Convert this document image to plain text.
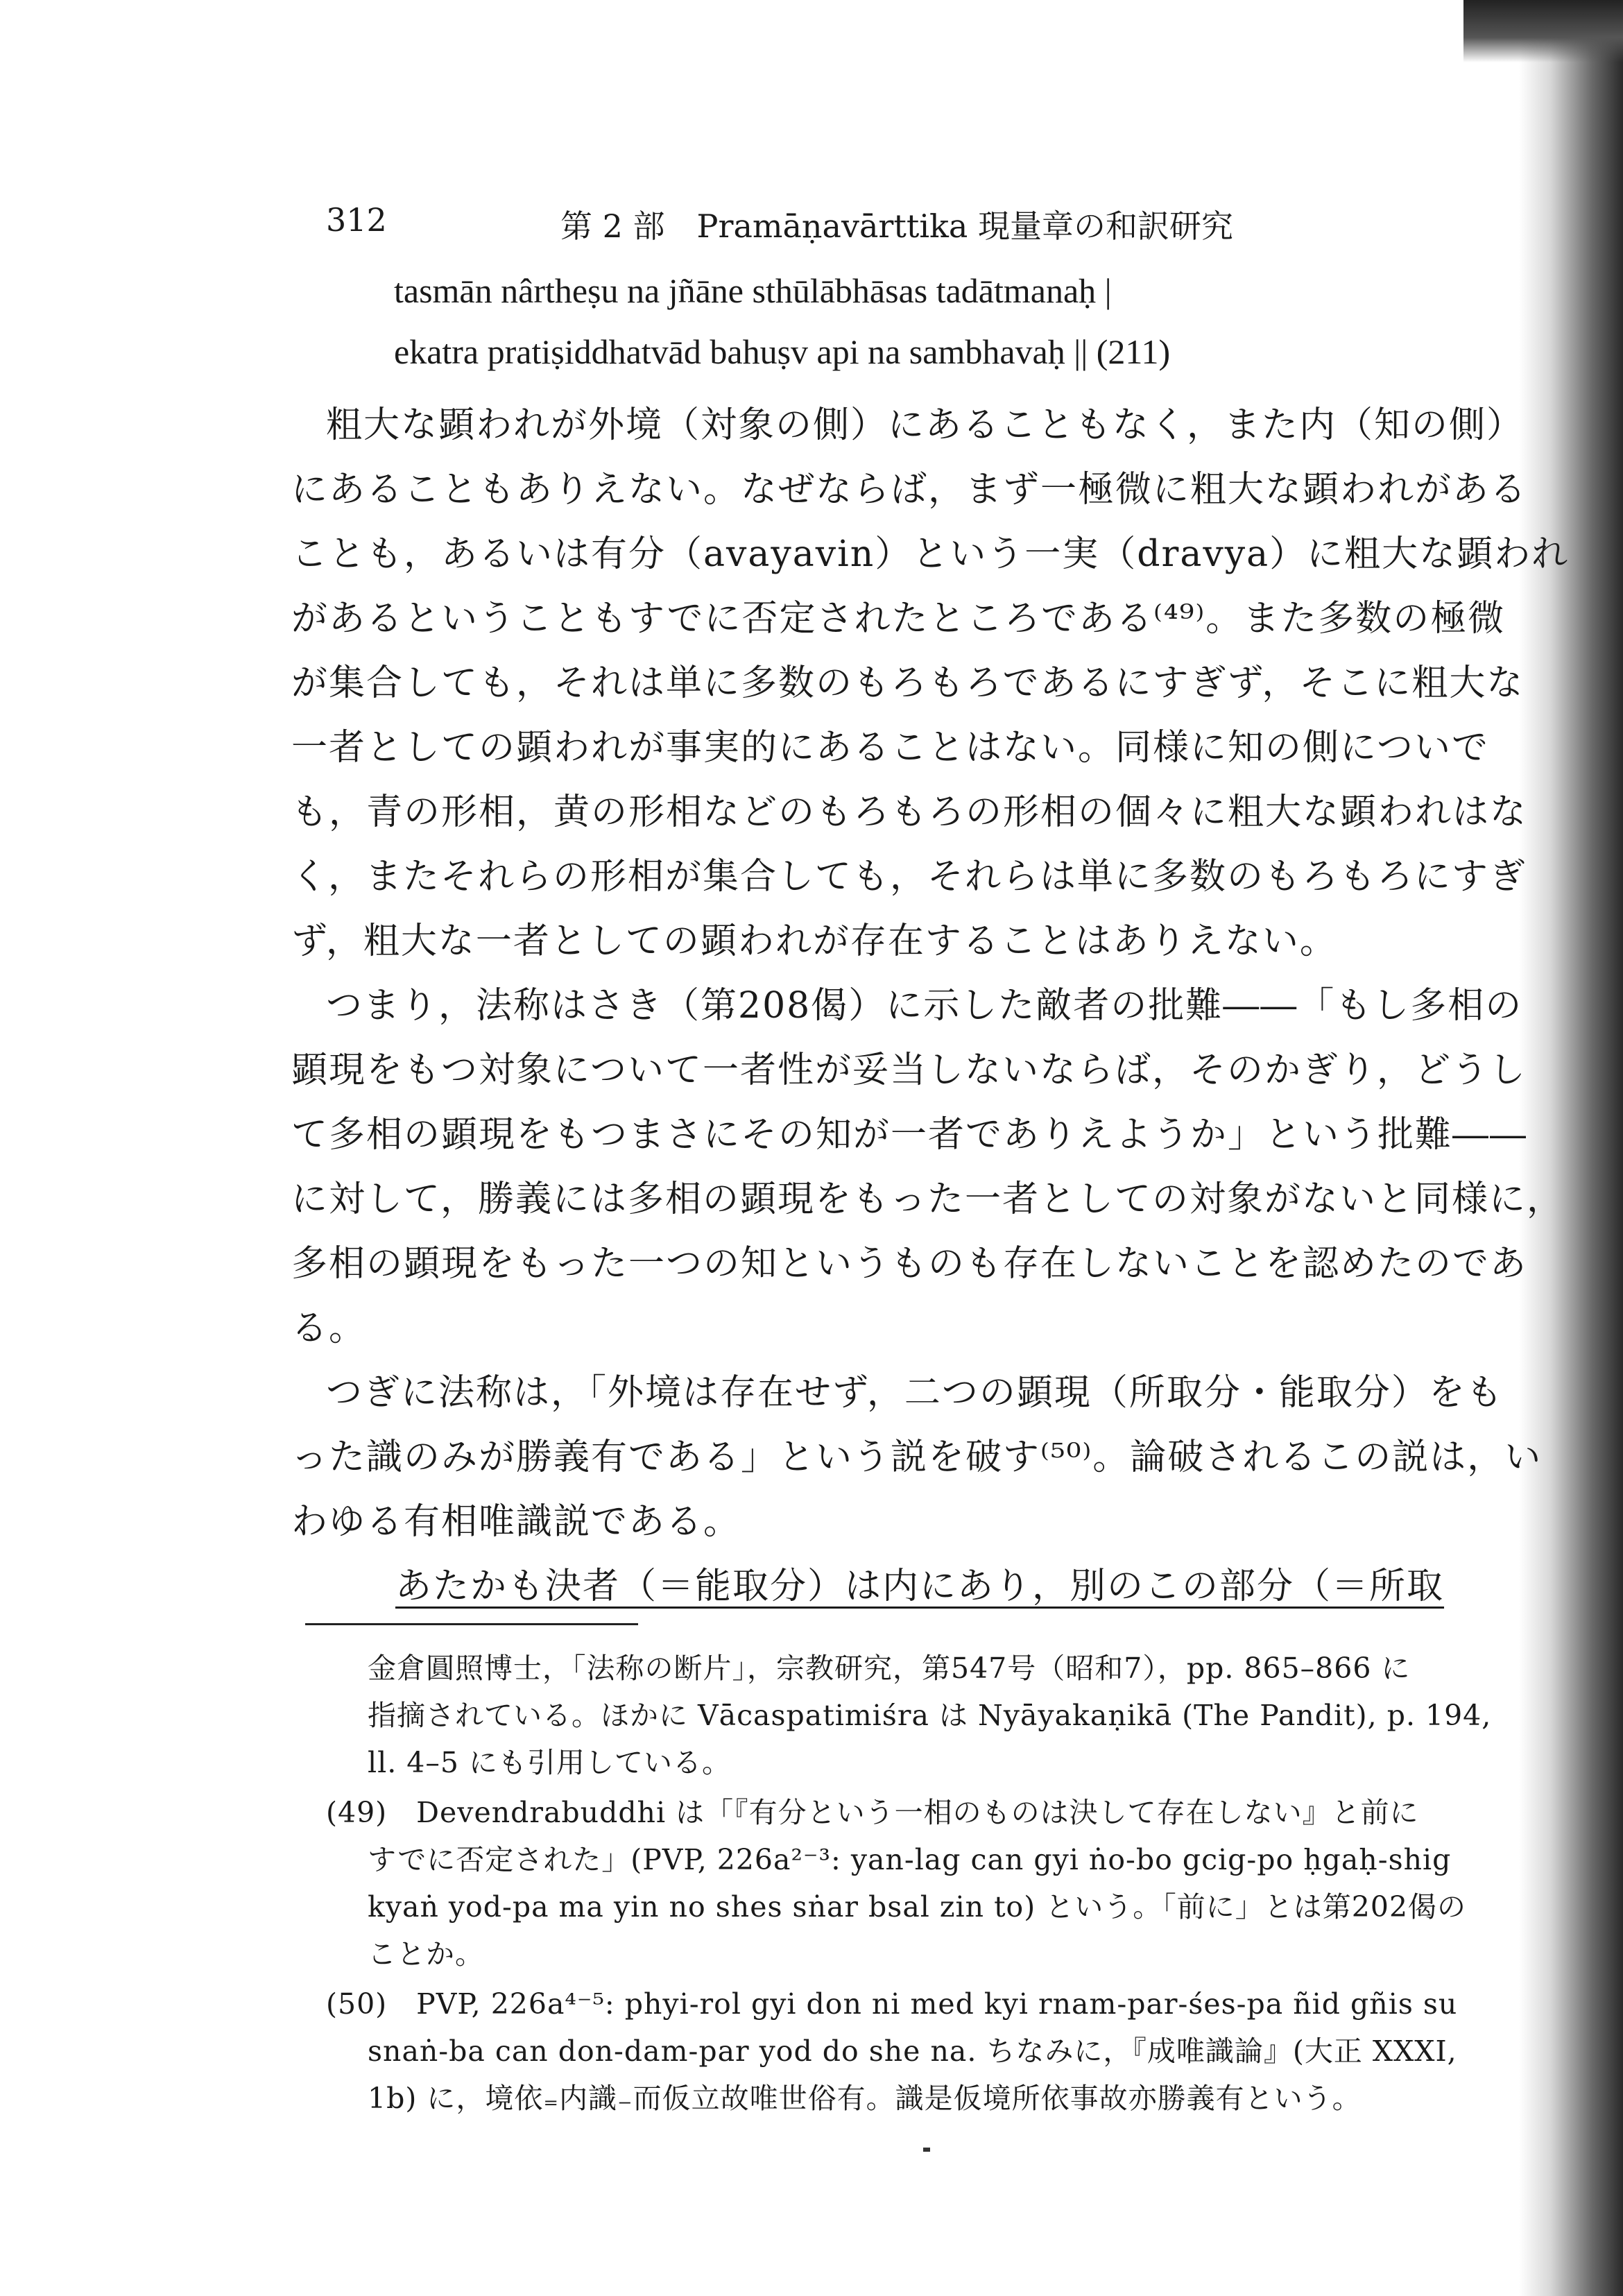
312	第 2 部　Pramāṇavārttika 現量章の和訳研究
tasmān nârtheṣu na jñāne sthūlābhāsas tadātmanaḥ |
ekatra pratiṣiddhatvād bahuṣv api na sambhavaḥ || (211)
粗大な顕われが外境（対象の側）にあることもなく，また内（知の側）
にあることもありえない。なぜならば，まず一極微に粗大な顕われがある
ことも，あるいは有分（avayavin）という一実（dravya）に粗大な顕われ
があるということもすでに否定されたところである⁽⁴⁹⁾。また多数の極微
が集合しても，それは単に多数のもろもろであるにすぎず，そこに粗大な
一者としての顕われが事実的にあることはない。同様に知の側についで
も，青の形相，黄の形相などのもろもろの形相の個々に粗大な顕われはな
く，またそれらの形相が集合しても，それらは単に多数のもろもろにすぎ
ず，粗大な一者としての顕われが存在することはありえない。
つまり，法称はさき（第208偈）に示した敵者の批難――「もし多相の
顕現をもつ対象について一者性が妥当しないならば，そのかぎり，どうし
て多相の顕現をもつまさにその知が一者でありえようか」という批難――
に対して，勝義には多相の顕現をもった一者としての対象がないと同様に，
多相の顕現をもった一つの知というものも存在しないことを認めたのであ
る。
つぎに法称は，「外境は存在せず，二つの顕現（所取分・能取分）をも
った識のみが勝義有である」という説を破す⁽⁵⁰⁾。論破されるこの説は，い
わゆる有相唯識説である。
あたかも決者（＝能取分）は内にあり，別のこの部分（＝所取
金倉圓照博士，「法称の断片」，宗教研究，第547号（昭和7），pp. 865–866 に
指摘されている。ほかに Vācaspatimiśra は Nyāyakaṇikā (The Pandit), p. 194,
ll. 4–5 にも引用している。
(49)　Devendrabuddhi は「『有分という一相のものは決して存在しない』と前に
すでに否定された」(PVP, 226a²⁻³: yan-lag can gyi ṅo-bo gcig-po ḥgaḥ-shig
kyaṅ yod-pa ma yin no shes sṅar bsal zin to) という。「前に」とは第202偈の
ことか。
(50)　PVP, 226a⁴⁻⁵: phyi-rol gyi don ni med kyi rnam-par-śes-pa ñid gñis su
snaṅ-ba can don-dam-par yod do she na. ちなみに，『成唯識論』(大正 XXXI,
1b) に，境依₌内識₋而仮立故唯世俗有。識是仮境所依事故亦勝義有という。
